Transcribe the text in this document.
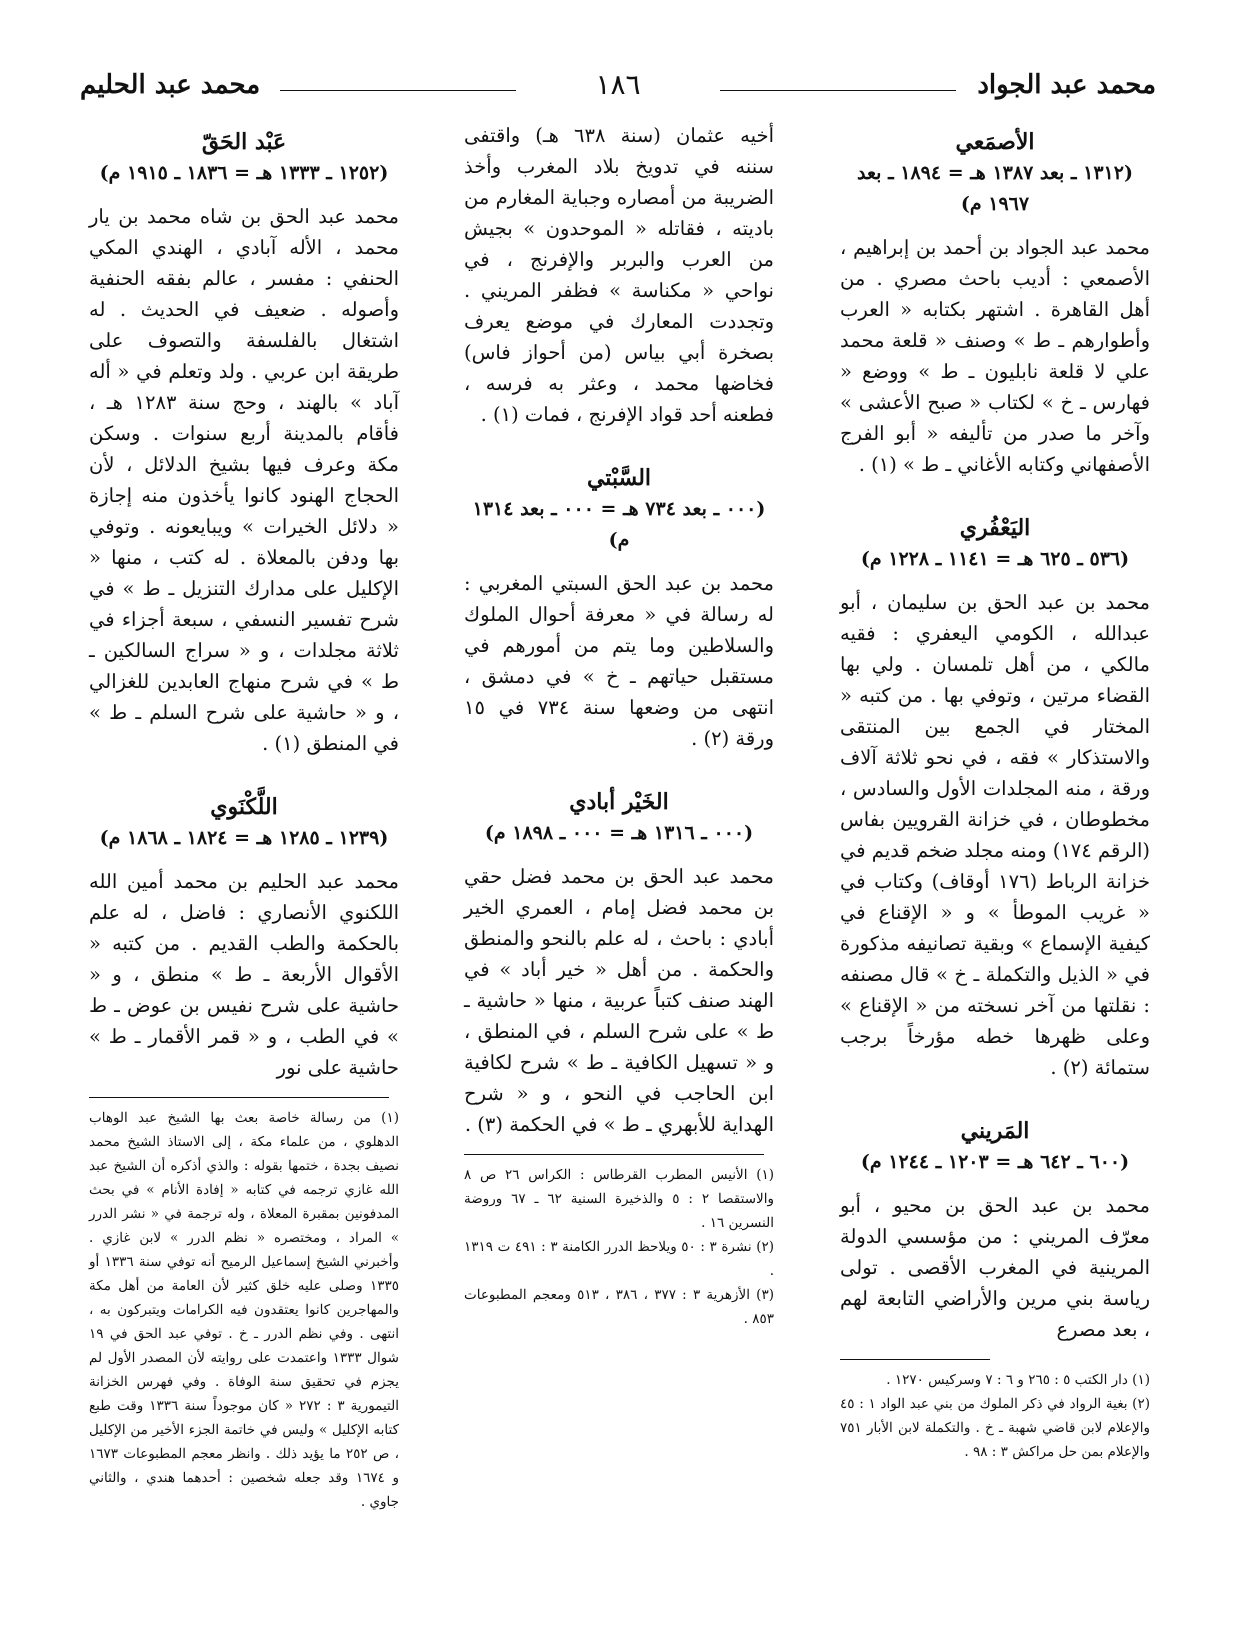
محمد عبد الجواد
١٨٦
محمد عبد الحليم
الأصمَعي
(١٣١٢ ـ بعد ١٣٨٧ هـ = ١٨٩٤ ـ بعد ١٩٦٧ م)

محمد عبد الجواد بن أحمد بن إبراهيم ، الأصمعي : أديب باحث مصري . من أهل القاهرة . اشتهر بكتابه « العرب وأطوارهم ـ ط » وصنف « قلعة محمد علي لا قلعة نابليون ـ ط » ووضع « فهارس ـ خ » لكتاب « صبح الأعشى » وآخر ما صدر من تأليفه « أبو الفرج الأصفهاني وكتابه الأغاني ـ ط » (١) .

اليَعْفُري
(٥٣٦ ـ ٦٢٥ هـ = ١١٤١ ـ ١٢٢٨ م)

محمد بن عبد الحق بن سليمان ، أبو عبدالله ، الكومي اليعفري : فقيه مالكي ، من أهل تلمسان . ولي بها القضاء مرتين ، وتوفي بها . من كتبه « المختار في الجمع بين المنتقى والاستذكار » فقه ، في نحو ثلاثة آلاف ورقة ، منه المجلدات الأول والسادس ، مخطوطان ، في خزانة القرويين بفاس (الرقم ١٧٤) ومنه مجلد ضخم قديم في خزانة الرباط (١٧٦ أوقاف) وكتاب في « غريب الموطأ » و « الإقناع في كيفية الإسماع » وبقية تصانيفه مذكورة في « الذيل والتكملة ـ خ » قال مصنفه : نقلتها من آخر نسخته من « الإقناع » وعلى ظهرها خطه مؤرخاً برجب ستمائة (٢) .

المَريني
(٦٠٠ ـ ٦٤٢ هـ = ١٢٠٣ ـ ١٢٤٤ م)

محمد بن عبد الحق بن محيو ، أبو معرّف المريني : من مؤسسي الدولة المرينية في المغرب الأقصى . تولى رياسة بني مرين والأراضي التابعة لهم ، بعد مصرع

(١) دار الكتب ٥ : ٢٦٥ و ٦ : ٧ وسركيس ١٢٧٠ .

(٢) بغية الرواد في ذكر الملوك من بني عبد الواد ١ : ٤٥ والإعلام لابن قاضي شهبة ـ خ . والتكملة لابن الأبار ٧٥١ والإعلام بمن حل مراكش ٣ : ٩٨ .

أخيه عثمان (سنة ٦٣٨ هـ) واقتفى سننه في تدويخ بلاد المغرب وأخذ الضريبة من أمصاره وجباية المغارم من باديته ، فقاتله « الموحدون » بجيش من العرب والبربر والإفرنج ، في نواحي « مكناسة » فظفر المريني . وتجددت المعارك في موضع يعرف بصخرة أبي بياس (من أحواز فاس) فخاضها محمد ، وعثر به فرسه ، فطعنه أحد قواد الإفرنج ، فمات (١) .

السَّبْتي
(٠٠٠ ـ بعد ٧٣٤ هـ = ٠٠٠ ـ بعد ١٣١٤ م)

محمد بن عبد الحق السبتي المغربي : له رسالة في « معرفة أحوال الملوك والسلاطين وما يتم من أمورهم في مستقبل حياتهم ـ خ » في دمشق ، انتهى من وضعها سنة ٧٣٤ في ١٥ ورقة (٢) .

الخَيْر أبادي
(٠٠٠ ـ ١٣١٦ هـ = ٠٠٠ ـ ١٨٩٨ م)

محمد عبد الحق بن محمد فضل حقي بن محمد فضل إمام ، العمري الخير أبادي : باحث ، له علم بالنحو والمنطق والحكمة . من أهل « خير أباد » في الهند صنف كتباً عربية ، منها « حاشية ـ ط » على شرح السلم ، في المنطق ، و « تسهيل الكافية ـ ط » شرح لكافية ابن الحاجب في النحو ، و « شرح الهداية للأبهري ـ ط » في الحكمة (٣) .

(١) الأنيس المطرب القرطاس : الكراس ٢٦ ص ٨ والاستقصا ٢ : ٥ والذخيرة السنية ٦٢ ـ ٦٧ وروضة النسرين ١٦ .

(٢) نشرة ٣ : ٥٠ ويلاحظ الدرر الكامنة ٣ : ٤٩١ ت ١٣١٩ .

(٣) الأزهرية ٣ : ٣٧٧ ، ٣٨٦ ، ٥١٣ ومعجم المطبوعات ٨٥٣ .

عَبْد الحَقّ
(١٢٥٢ ـ ١٣٣٣ هـ = ١٨٣٦ ـ ١٩١٥ م)

محمد عبد الحق بن شاه محمد بن يار محمد ، الأله آبادي ، الهندي المكي الحنفي : مفسر ، عالم بفقه الحنفية وأصوله . ضعيف في الحديث . له اشتغال بالفلسفة والتصوف على طريقة ابن عربي . ولد وتعلم في « أله آباد » بالهند ، وحج سنة ١٢٨٣ هـ ، فأقام بالمدينة أربع سنوات . وسكن مكة وعرف فيها بشيخ الدلائل ، لأن الحجاج الهنود كانوا يأخذون منه إجازة « دلائل الخيرات » ويبايعونه . وتوفي بها ودفن بالمعلاة . له كتب ، منها « الإكليل على مدارك التنزيل ـ ط » في شرح تفسير النسفي ، سبعة أجزاء في ثلاثة مجلدات ، و « سراج السالكين ـ ط » في شرح منهاج العابدين للغزالي ، و « حاشية على شرح السلم ـ ط » في المنطق (١) .

اللَّكْنَوي
(١٢٣٩ ـ ١٢٨٥ هـ = ١٨٢٤ ـ ١٨٦٨ م)

محمد عبد الحليم بن محمد أمين الله اللكنوي الأنصاري : فاضل ، له علم بالحكمة والطب القديم . من كتبه « الأقوال الأربعة ـ ط » منطق ، و « حاشية على شرح نفيس بن عوض ـ ط » في الطب ، و « قمر الأقمار ـ ط » حاشية على نور

(١) من رسالة خاصة بعث بها الشيخ عبد الوهاب الدهلوي ، من علماء مكة ، إلى الاستاذ الشيخ محمد نصيف بجدة ، ختمها بقوله : والذي أذكره أن الشيخ عبد الله غازي ترجمه في كتابه « إفادة الأنام » في بحث المدفونين بمقبرة المعلاة ، وله ترجمة في « نشر الدرر » المراد ، ومختصره « نظم الدرر » لابن غازي . وأخبرني الشيخ إسماعيل الرميح أنه توفي سنة ١٣٣٦ أو ١٣٣٥ وصلى عليه خلق كثير لأن العامة من أهل مكة والمهاجرين كانوا يعتقدون فيه الكرامات ويتبركون به ، انتهى . وفي نظم الدرر ـ خ . توفي عبد الحق في ١٩ شوال ١٣٣٣ واعتمدت على روايته لأن المصدر الأول لم يجزم في تحقيق سنة الوفاة . وفي فهرس الخزانة التيمورية ٣ : ٢٧٢ « كان موجوداً سنة ١٣٣٦ وقت طبع كتابه الإكليل » وليس في خاتمة الجزء الأخير من الإكليل ، ص ٢٥٢ ما يؤيد ذلك . وانظر معجم المطبوعات ١٦٧٣ و ١٦٧٤ وقد جعله شخصين : أحدهما هندي ، والثاني جاوي .
